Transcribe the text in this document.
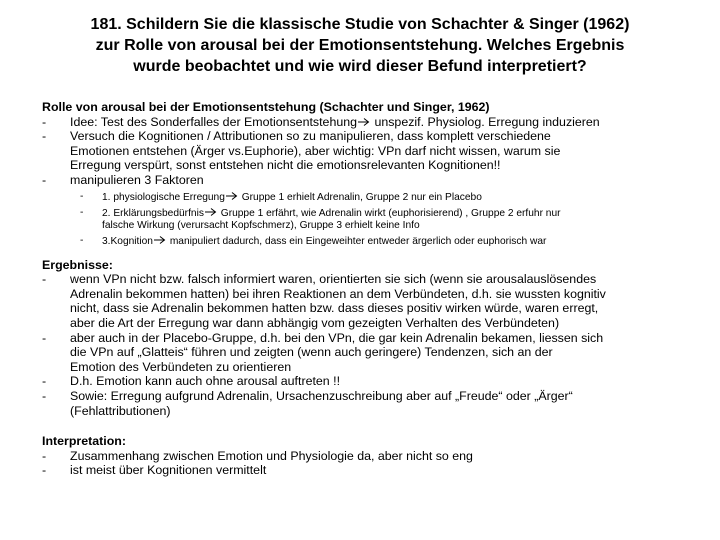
181. Schildern Sie die klassische Studie von Schachter & Singer (1962)
zur Rolle von arousal bei der Emotionsentstehung. Welches Ergebnis
wurde beobachtet und wie wird dieser Befund interpretiert?
Rolle von arousal bei der Emotionsentstehung (Schachter und Singer, 1962)
-	Idee: Test des Sonderfalles der Emotionsentstehung unspezif. Physiolog. Erregung induzieren
-	Versuch die Kognitionen / Attributionen so zu manipulieren, dass komplett verschiedene
Emotionen entstehen (Ärger vs.Euphorie), aber wichtig: VPn darf nicht wissen, warum sie
Erregung verspürt, sonst entstehen nicht die emotionsrelevanten Kognitionen!!
-	manipulieren 3 Faktoren
-	1. physiologische Erregung Gruppe 1 erhielt Adrenalin, Gruppe 2 nur ein Placebo
-	2. Erklärungsbedürfnis Gruppe 1 erfährt, wie Adrenalin wirkt (euphorisierend) , Gruppe 2 erfuhr nur
falsche Wirkung (verursacht Kopfschmerz), Gruppe 3 erhielt keine Info
-	3.Kognition manipuliert dadurch, dass ein Eingeweihter entweder ärgerlich oder euphorisch war
Ergebnisse:
-	wenn VPn nicht bzw. falsch informiert waren, orientierten sie sich (wenn sie arousalauslösendes
Adrenalin bekommen hatten) bei ihren Reaktionen an dem Verbündeten, d.h. sie wussten kognitiv
nicht, dass sie Adrenalin bekommen hatten bzw. dass dieses positiv wirken würde, waren erregt,
aber die Art der Erregung war dann abhängig vom gezeigten Verhalten des Verbündeten)
-	aber auch in der Placebo-Gruppe, d.h. bei den VPn, die gar kein Adrenalin bekamen, liessen sich
die VPn auf „Glatteis“ führen und zeigten (wenn auch geringere) Tendenzen, sich an der
Emotion des Verbündeten zu orientieren
-	D.h. Emotion kann auch ohne arousal auftreten !!
-	Sowie: Erregung aufgrund Adrenalin, Ursachenzuschreibung aber auf „Freude“ oder „Ärger“
(Fehlattributionen)
Interpretation:
-	Zusammenhang zwischen Emotion und Physiologie da, aber nicht so eng
-	ist meist über Kognitionen vermittelt
